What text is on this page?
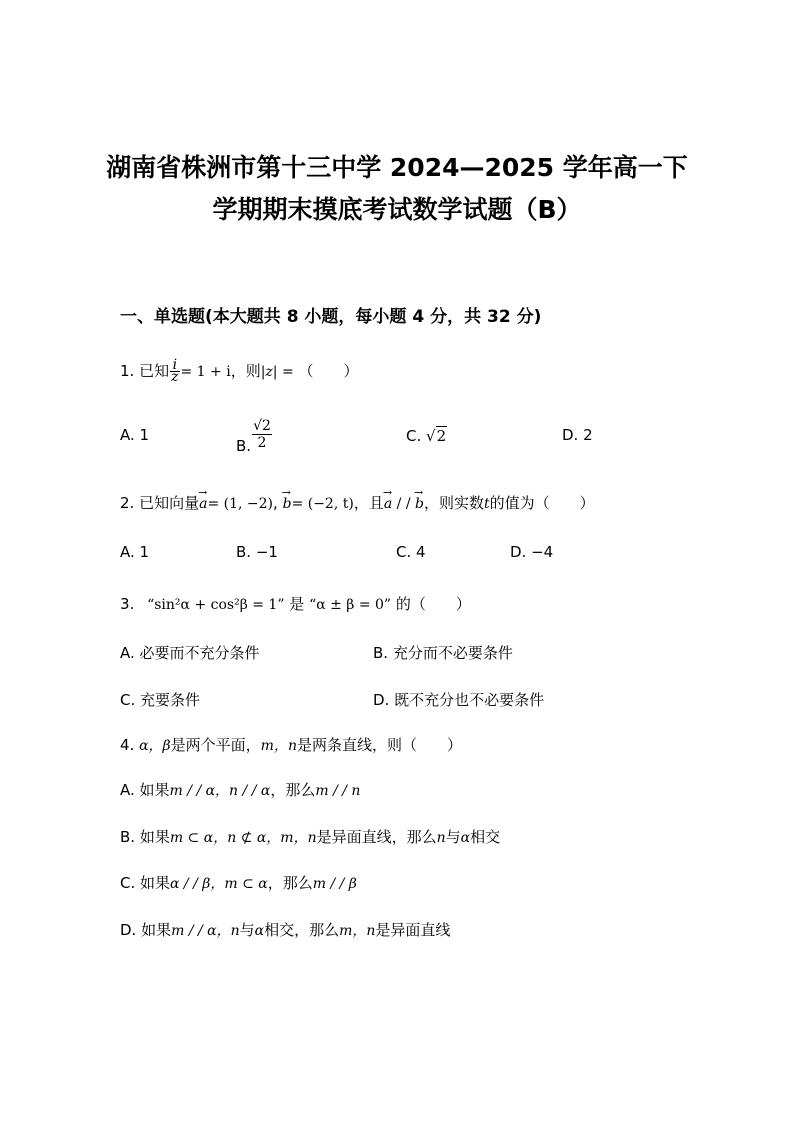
湖南省株洲市第十三中学 2024—2025 学年高一下
学期期末摸底考试数学试题（B）
一、单选题(本大题共 8 小题，每小题 4 分，共 32 分)
1. 已知 $\frac{i}{z} = 1 + i$，则|z| = （　　）
A. 1
B. $\frac{√2}{2}$	C. √2	D. 2
2. 已知向量→ a= (1, −2), → b= (−2, t)，且→ a / / → b，则实数t的值为（　　）
A. 1	B. −1	C. 4	D. −4
3. “sin²α + cos²β = 1” 是 “α ± β = 0” 的（　　）
A. 必要而不充分条件	B. 充分而不必要条件
C. 充要条件	D. 既不充分也不必要条件
4. α，β是两个平面，m，n是两条直线，则（　　）
A. 如果m / / α，n / / α，那么m / / n
B. 如果m ⊂ α，n ⊄ α，m，n是异面直线，那么n与α相交
C. 如果α / / β，m ⊂ α，那么m / / β
D. 如果m / / α，n与α相交，那么m，n是异面直线
